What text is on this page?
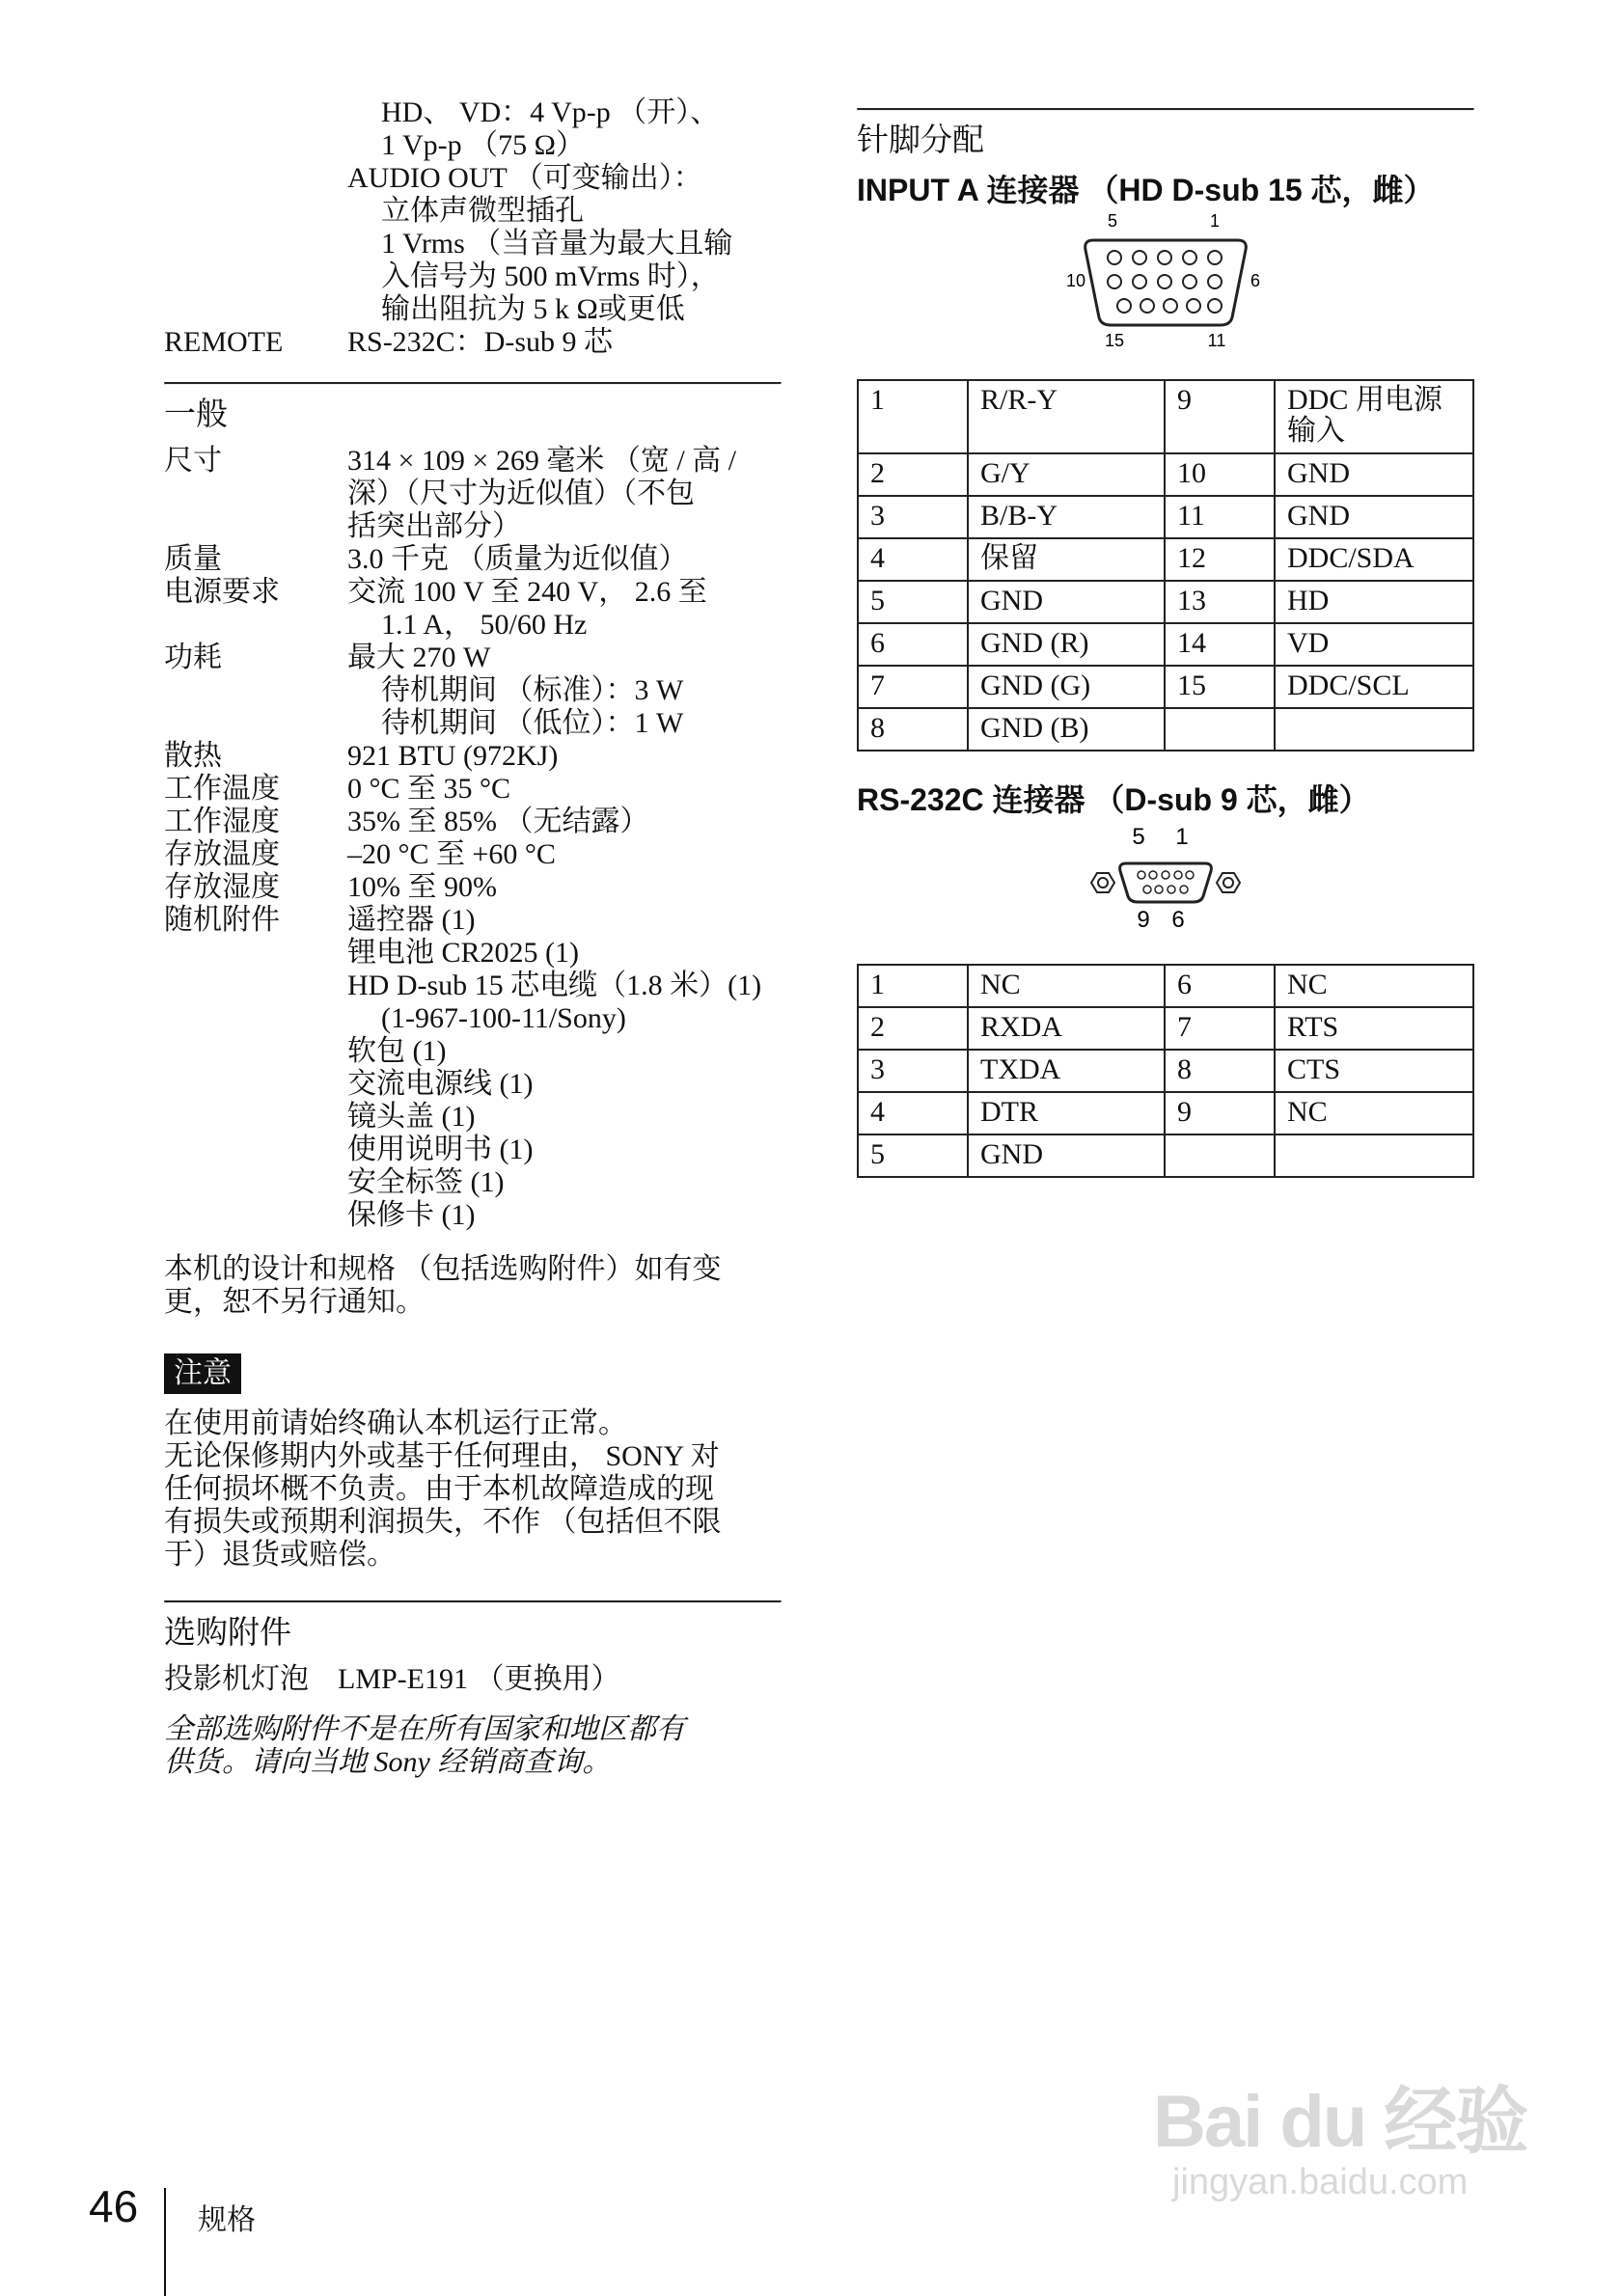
HD、 VD：4 Vp-p （开）、
1 Vp-p （75 Ω）
AUDIO OUT （可变输出）：
立体声微型插孔
1 Vrms （当音量为最大且输
入信号为 500 mVrms 时），
输出阻抗为 5 k Ω或更低
REMOTE	RS-232C：D-sub 9 芯
一般
尺寸	314 × 109 × 269 毫米 （宽 / 高 /
深）（尺寸为近似值）（不包
括突出部分）
质量	3.0 千克 （质量为近似值）
电源要求	交流 100 V 至 240 V， 2.6 至
1.1 A， 50/60 Hz
功耗	最大 270 W
待机期间 （标准）：3 W
待机期间 （低位）：1 W
散热	921 BTU (972KJ)
工作温度	0 °C 至 35 °C
工作湿度	35% 至 85% （无结露）
存放温度	–20 °C 至 +60 °C
存放湿度	10% 至 90%
随机附件	遥控器 (1)
锂电池 CR2025 (1)
HD D-sub 15 芯电缆（1.8 米）(1)
(1-967-100-11/Sony)
软包 (1)
交流电源线 (1)
镜头盖 (1)
使用说明书 (1)
安全标签 (1)
保修卡 (1)
本机的设计和规格 （包括选购附件）如有变
更，恕不另行通知。
注意
在使用前请始终确认本机运行正常。
无论保修期内外或基于任何理由， SONY 对
任何损坏概不负责。由于本机故障造成的现
有损失或预期利润损失，不作 （包括但不限
于）退货或赔偿。
选购附件
投影机灯泡　LMP-E191 （更换用）
全部选购附件不是在所有国家和地区都有
供货。请向当地 Sony 经销商查询。
针脚分配
INPUT A 连接器 （HD D-sub 15 芯，雌）
5	1
10	6
15	11
1	R/R-Y	9	DDC 用电源输入
2	G/Y	10	GND
3	B/B-Y	11	GND
4	保留	12	DDC/SDA
5	GND	13	HD
6	GND (R)	14	VD
7	GND (G)	15	DDC/SCL
8	GND (B)		
RS-232C 连接器 （D-sub 9 芯，雌）
5 1
9 6
1	NC	6	NC
2	RXDA	7	RTS
3	TXDA	8	CTS
4	DTR	9	NC
5	GND		
46 规格
Bai du 经验
jingyan.baidu.com
